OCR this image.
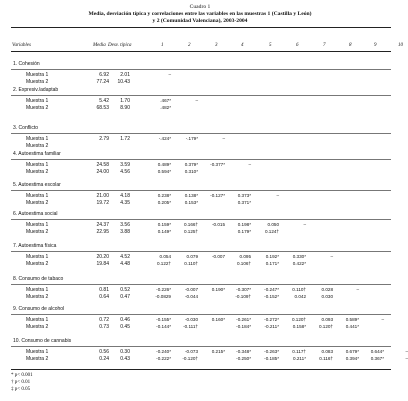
Cuadro 1
Media, desviación típica y correlaciones entre las variables en las muestras 1 (Castilla y León)
y 2 (Comunidad Valenciana), 2003-2004
Variables	Media Desv. típica	1	2	3	4	5	6	7	8	9	10
1. Cohesión
Muestra 1	6.92	2.01	–
Muestra 2	77.24	10.43
2. Expresiv./adaptab
Muestra 1	5.42	1.70	.467*	–
Muestra 2	68.53	8.90	.482*
3. Conflicto
Muestra 1	2.79	1.72	-.424*	-.179*	–
Muestra 2
4. Autoestima familiar
Muestra 1	24.58	3.59	0.489*	0.379*	-0.377*	–
Muestra 2	24.00	4.56	0.594*	0.310*
5. Autoestima escolar
Muestra 1	21.00	4.18	0.238*	0.138*	-0.127*	0.373*	–
Muestra 2	19.72	4.35	0.205*	0.153*	0.371*
6. Autoestima social
Muestra 1	24.37	3.56	0.159*	0.166†	-0.015	0.198*	0.050	–
Muestra 2	22.95	3.88	0.149*	0.125†	0.179*	0.124†
7. Autoestima física
Muestra 1	20.20	4.52	0.054	0.079	-0.007	0.095	0.192*	0.330*	–
Muestra 2	19.84	4.48	0.122†	0.110†	0.106†	0.171*	0.422*
8. Consumo de tabaco
Muestra 1	0.81	0.52	-0.226*	-0.007	0.190*	-0.307*	-0.247*	0.110†	0.028	–
Muestra 2	0.64	0.47	-0.0829	-0.044	-0.109†	-0.152*	0.042	0.030
9. Consumo de alcohol
Muestra 1	0.72	0.46	-0.155*	-0.030	0.160*	-0.261*	-0.272*	0.120†	0.093	0.589*	–
Muestra 2	0.73	0.45	-0.144*	-0.111†	-0.184*	-0.211*	0.158*	0.120†	0.441*
10. Consumo de cannabis
Muestra 1	0.56	0.30	-0.240*	-0.073	0.215*	-0.348*	-0.263*	0.117†	0.083	0.679*	0.644*	–
Muestra 2	0.24	0.43	-0.222*	-0.120†	-0.250*	-0.185*	0.211*	0.116†	0.394*	0.367*	–
* p< 0.001
† p< 0.01
‡ p< 0.05
